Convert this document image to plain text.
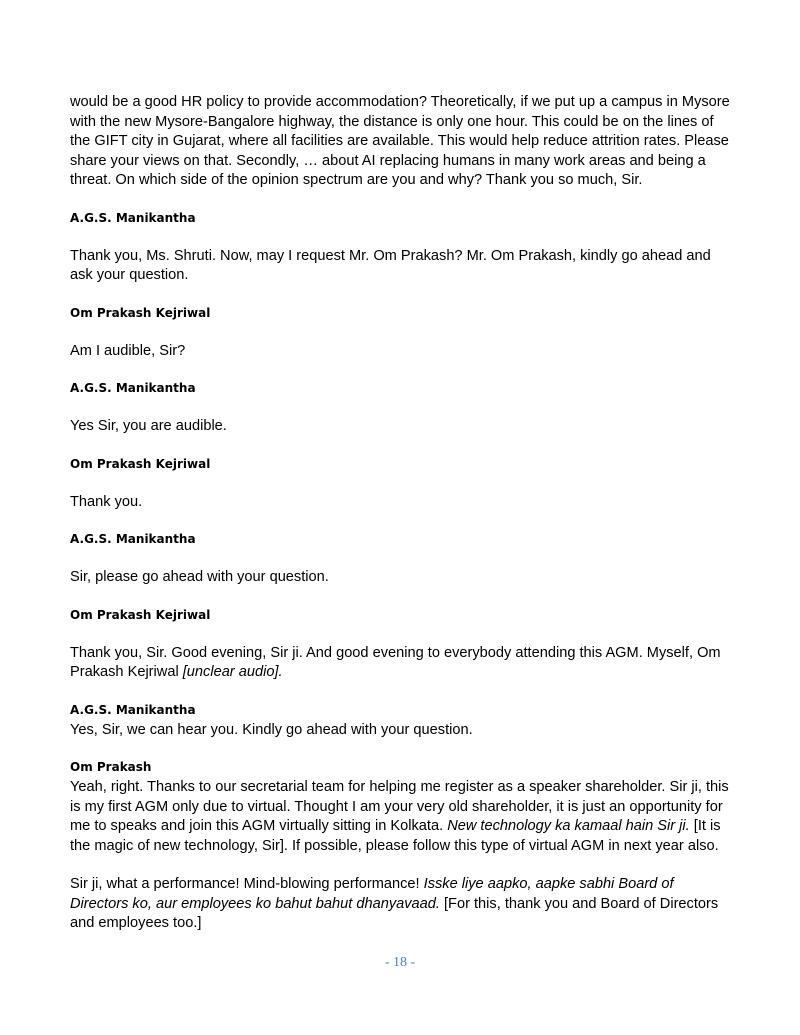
would be a good HR policy to provide accommodation? Theoretically, if we put up a campus in Mysore with the new Mysore-Bangalore highway, the distance is only one hour. This could be on the lines of the GIFT city in Gujarat, where all facilities are available. This would help reduce attrition rates. Please share your views on that. Secondly, … about AI replacing humans in many work areas and being a threat. On which side of the opinion spectrum are you and why? Thank you so much, Sir.

A.G.S. Manikantha

Thank you, Ms. Shruti. Now, may I request Mr. Om Prakash? Mr. Om Prakash, kindly go ahead and ask your question.

Om Prakash Kejriwal

Am I audible, Sir?

A.G.S. Manikantha

Yes Sir, you are audible.

Om Prakash Kejriwal

Thank you.

A.G.S. Manikantha

Sir, please go ahead with your question.

Om Prakash Kejriwal

Thank you, Sir. Good evening, Sir ji. And good evening to everybody attending this AGM. Myself, Om Prakash Kejriwal [unclear audio].

A.G.S. Manikantha

Yes, Sir, we can hear you. Kindly go ahead with your question.

Om Prakash

Yeah, right. Thanks to our secretarial team for helping me register as a speaker shareholder. Sir ji, this is my first AGM only due to virtual. Thought I am your very old shareholder, it is just an opportunity for me to speaks and join this AGM virtually sitting in Kolkata. New technology ka kamaal hain Sir ji. [It is the magic of new technology, Sir]. If possible, please follow this type of virtual AGM in next year also.

Sir ji, what a performance! Mind-blowing performance! Isske liye aapko, aapke sabhi Board of Directors ko, aur employees ko bahut bahut dhanyavaad. [For this, thank you and Board of Directors and employees too.]

- 18 -
